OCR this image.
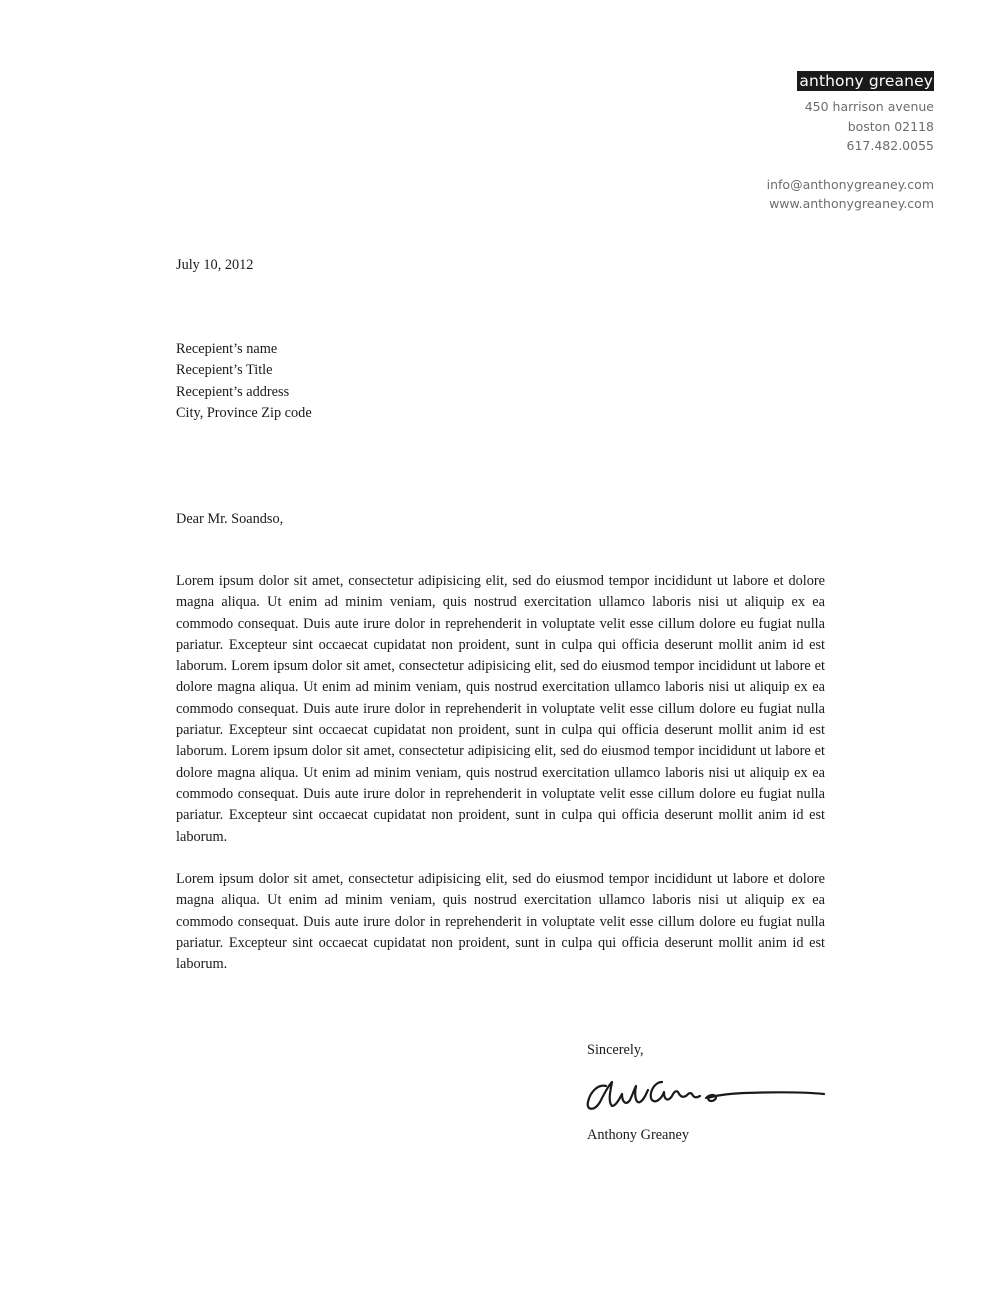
anthony greaney
450 harrison avenue
boston 02118
617.482.0055
info@anthonygreaney.com
www.anthonygreaney.com
July 10, 2012
Recepient’s name
Recepient’s Title
Recepient’s address
City, Province Zip code
Dear Mr. Soandso,

Lorem ipsum dolor sit amet, consectetur adipisicing elit, sed do eiusmod tempor incididunt ut labore et dolore magna aliqua. Ut enim ad minim veniam, quis nostrud exercitation ullamco laboris nisi ut aliquip ex ea commodo consequat. Duis aute irure dolor in reprehenderit in voluptate velit esse cillum dolore eu fugiat nulla pariatur. Excepteur sint occaecat cupidatat non proident, sunt in culpa qui officia deserunt mollit anim id est laborum. Lorem ipsum dolor sit amet, consectetur adipisicing elit, sed do eiusmod tempor incididunt ut labore et dolore magna aliqua. Ut enim ad minim veniam, quis nostrud exercitation ullamco laboris nisi ut aliquip ex ea commodo consequat. Duis aute irure dolor in reprehenderit in voluptate velit esse cillum dolore eu fugiat nulla pariatur. Excepteur sint occaecat cupidatat non proident, sunt in culpa qui officia deserunt mollit anim id est laborum. Lorem ipsum dolor sit amet, consectetur adipisicing elit, sed do eiusmod tempor incididunt ut labore et dolore magna aliqua. Ut enim ad minim veniam, quis nostrud exercitation ullamco laboris nisi ut aliquip ex ea commodo consequat. Duis aute irure dolor in reprehenderit in voluptate velit esse cillum dolore eu fugiat nulla pariatur. Excepteur sint occaecat cupidatat non proident, sunt in culpa qui officia deserunt mollit anim id est laborum.

Lorem ipsum dolor sit amet, consectetur adipisicing elit, sed do eiusmod tempor incididunt ut labore et dolore magna aliqua. Ut enim ad minim veniam, quis nostrud exercitation ullamco laboris nisi ut aliquip ex ea commodo consequat. Duis aute irure dolor in reprehenderit in voluptate velit esse cillum dolore eu fugiat nulla pariatur. Excepteur sint occaecat cupidatat non proident, sunt in culpa qui officia deserunt mollit anim id est laborum.

Sincerely,
Anthony Greaney
